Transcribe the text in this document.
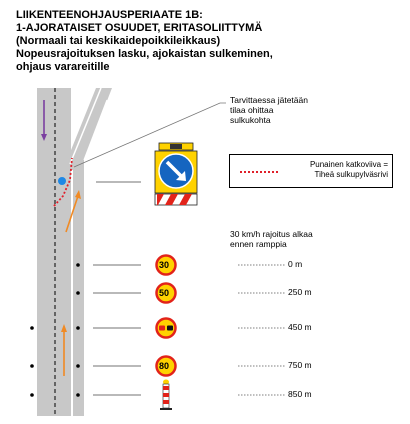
LIIKENTEENOHJAUSPERIAATE 1B:
1-AJORATAISET OSUUDET, ERITASOLIITTYMÄ
(Normaali tai keskikaidepoikkileikkaus)
Nopeusrajoituksen lasku, ajokaistan sulkeminen,
ohjaus varareitille
30
50
80
Tarvittaessa jätetään
tilaa ohittaa
sulkukohta
Punainen katkoviiva =
Tiheä sulkupylväsrivi
30 km/h rajoitus alkaa
ennen ramppia
0 m
250 m
450 m
750 m
850 m
